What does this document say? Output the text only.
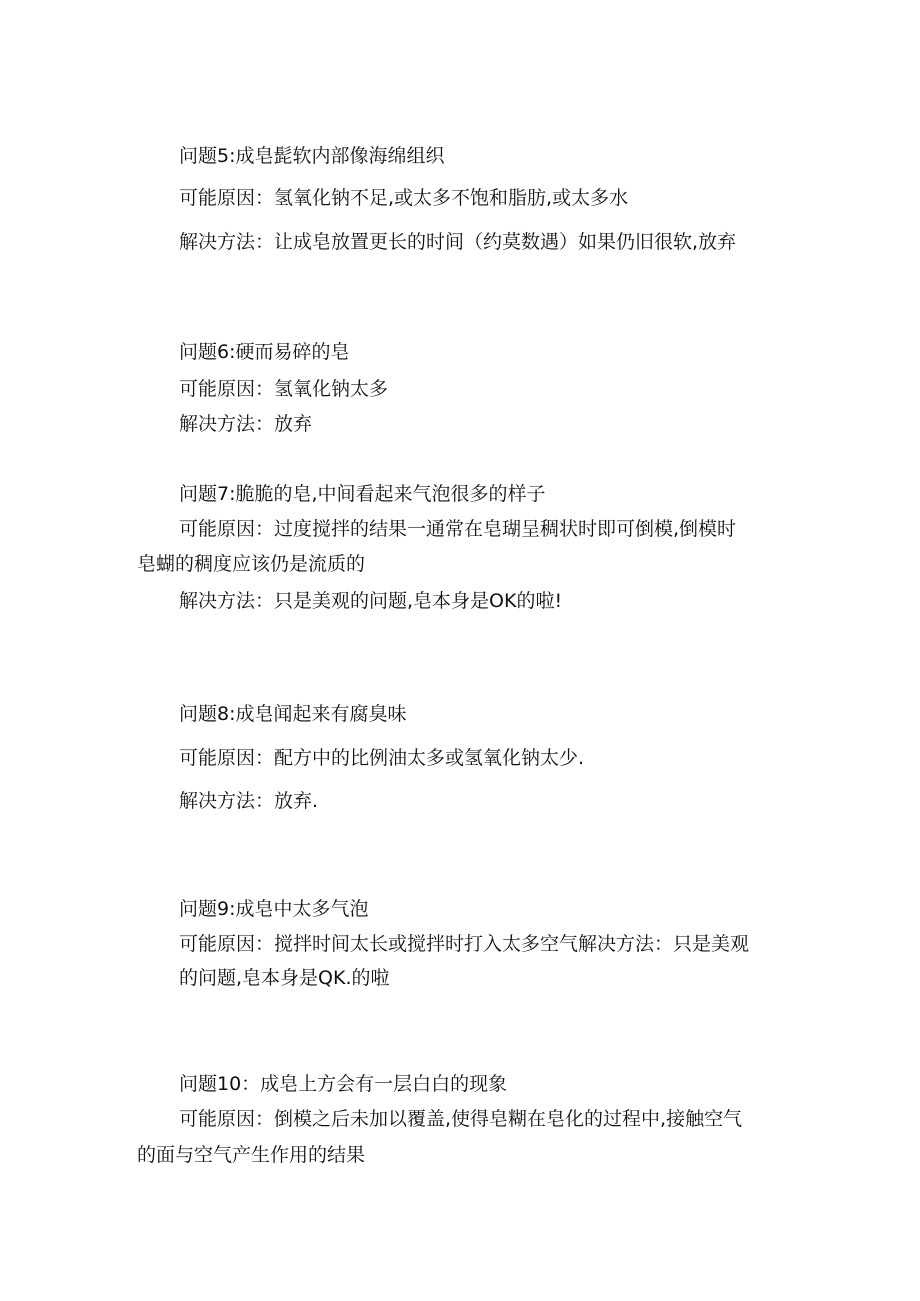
问题5:成皂髭软内部像海绵组织
可能原因：氢氧化钠不足,或太多不饱和脂肪,或太多水
解决方法：让成皂放置更长的时间（约莫数遇）如果仍旧很软,放弃
问题6:硬而易碎的皂
可能原因：氢氧化钠太多
解决方法：放弃
问题7:脆脆的皂,中间看起来气泡很多的样子
可能原因：过度搅拌的结果一通常在皂瑚呈稠状时即可倒模,倒模时
皂蝴的稠度应该仍是流质的
解决方法：只是美观的问题,皂本身是OK的啦!
问题8:成皂闻起来有腐臭味
可能原因：配方中的比例油太多或氢氧化钠太少.
解决方法：放弃.
问题9:成皂中太多气泡
可能原因：搅拌时间太长或搅拌时打入太多空气解决方法：只是美观
的问题,皂本身是QK.的啦
问题10：成皂上方会有一层白白的现象
可能原因：倒模之后未加以覆盖,使得皂糊在皂化的过程中,接触空气
的面与空气产生作用的结果
